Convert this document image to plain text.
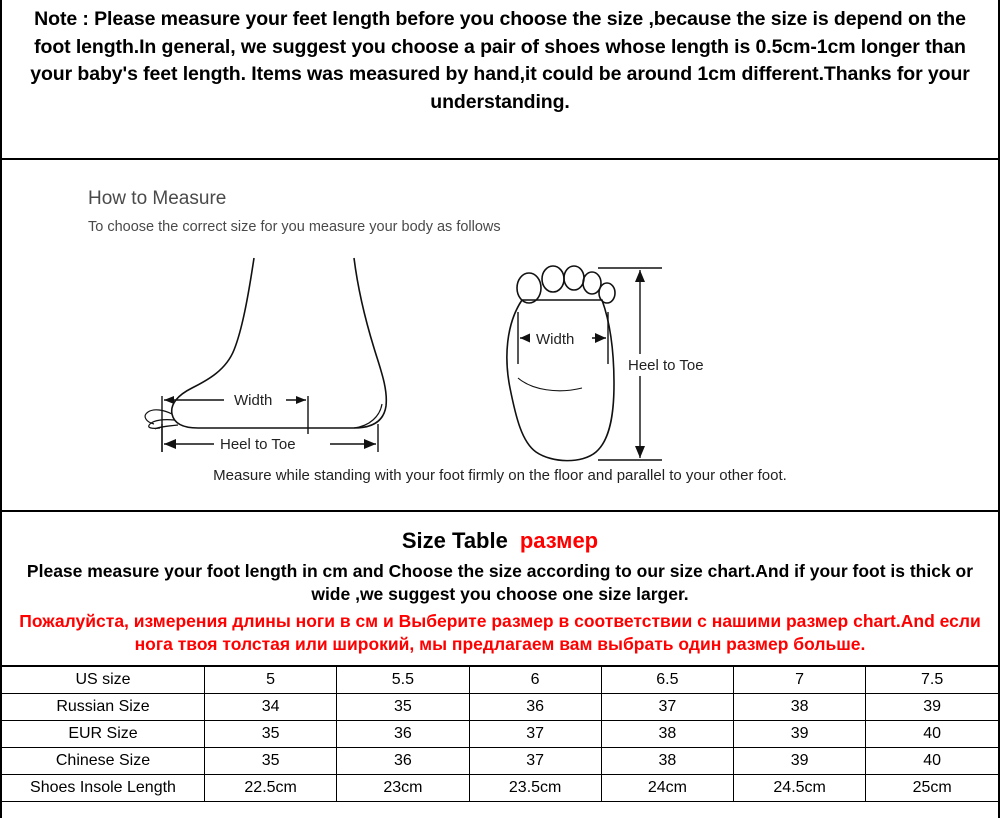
Note : Please measure your feet length before you choose the size ,because the size is depend on the foot length.In general, we suggest you choose a pair of shoes whose length is 0.5cm-1cm longer than your baby's feet length. Items was measured by hand,it could be around 1cm different.Thanks for your understanding.
How to Measure
To choose the correct size for you measure your body as follows
Width
Heel to Toe
Width
Heel to Toe
Measure while standing with your foot firmly on the floor and parallel to your other foot.
Size Table размер
Please measure your foot length in cm and Choose the size according to our size chart.And if your foot is thick or wide ,we suggest you choose one size larger.
Пожалуйста, измерения длины ноги в см и Выберите размер в соответствии с нашими размер chart.And если нога твоя толстая или широкий, мы предлагаем вам выбрать один размер больше.
US size	5	5.5	6	6.5	7	7.5
Russian Size	34	35	36	37	38	39
EUR Size	35	36	37	38	39	40
Chinese Size	35	36	37	38	39	40
Shoes Insole Length	22.5cm	23cm	23.5cm	24cm	24.5cm	25cm
